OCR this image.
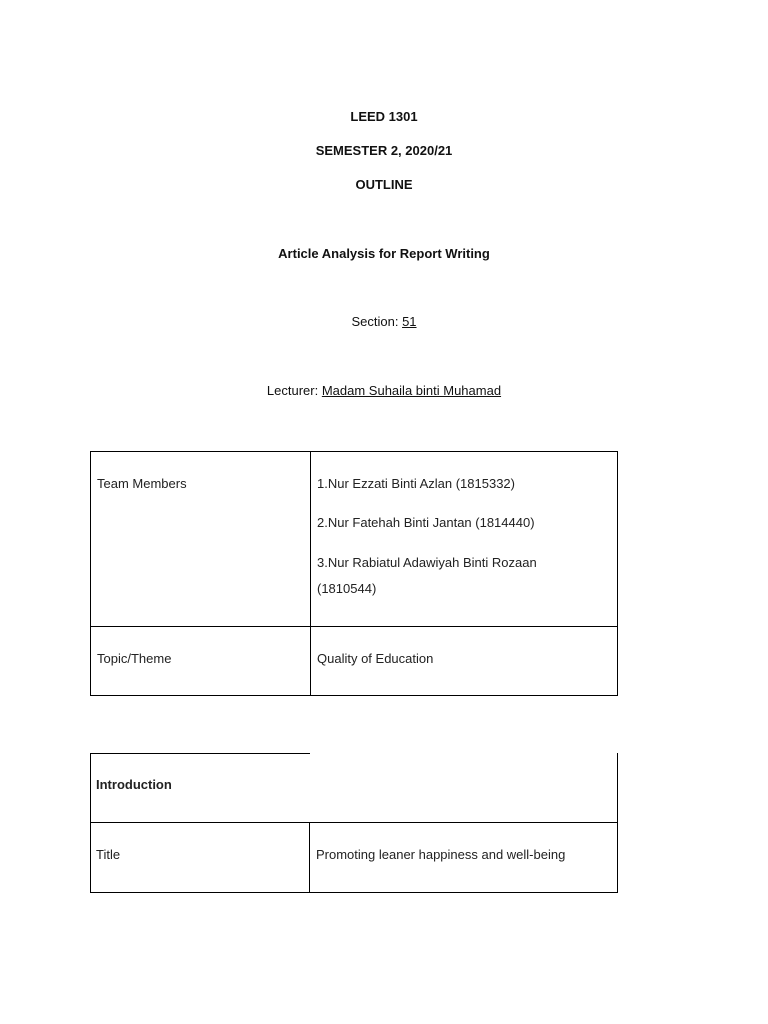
LEED 1301
SEMESTER 2, 2020/21
OUTLINE
Article Analysis for Report Writing
Section: 51
Lecturer: Madam Suhaila binti Muhamad
Team Members	1.Nur Ezzati Binti Azlan (1815332)
2.Nur Fatehah Binti Jantan (1814440)
3.Nur Rabiatul Adawiyah Binti Rozaan
(1810544)
Topic/Theme	Quality of Education
Introduction
Title	Promoting leaner happiness and well-being
